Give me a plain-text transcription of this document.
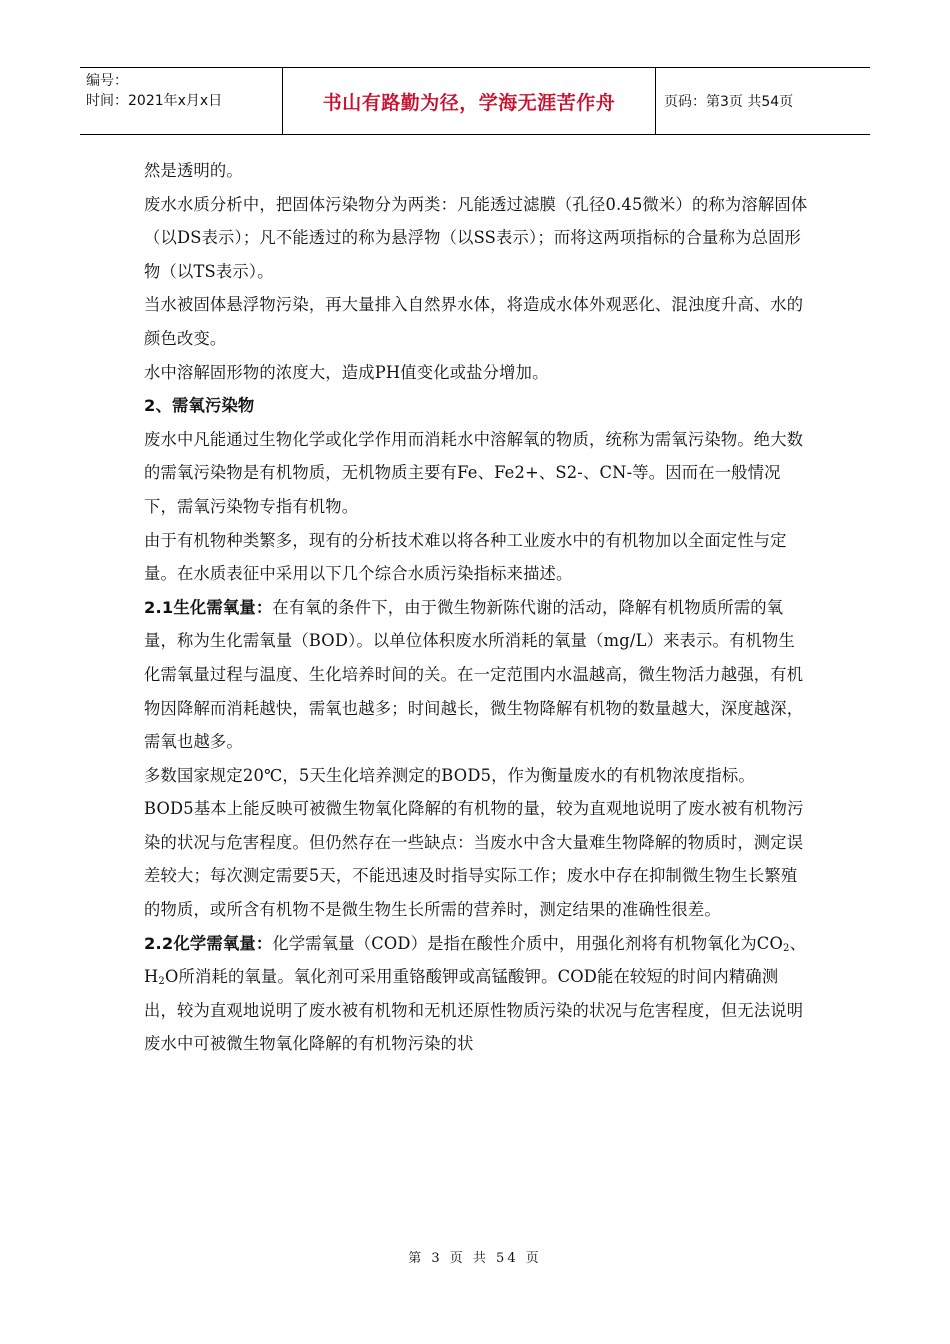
编号：
时间：2021年x月x日	书山有路勤为径，学海无涯苦作舟	页码：第3页 共54页

然是透明的。

废水水质分析中，把固体污染物分为两类：凡能透过滤膜（孔径0.45微米）的称为溶解固体（以DS表示）；凡不能透过的称为悬浮物（以SS表示）；而将这两项指标的合量称为总固形物（以TS表示）。

当水被固体悬浮物污染，再大量排入自然界水体，将造成水体外观恶化、混浊度升高、水的颜色改变。

水中溶解固形物的浓度大，造成PH值变化或盐分增加。

2、需氧污染物

废水中凡能通过生物化学或化学作用而消耗水中溶解氧的物质，统称为需氧污染物。绝大数的需氧污染物是有机物质，无机物质主要有Fe、Fe2+、S2-、CN-等。因而在一般情况下，需氧污染物专指有机物。

由于有机物种类繁多，现有的分析技术难以将各种工业废水中的有机物加以全面定性与定量。在水质表征中采用以下几个综合水质污染指标来描述。

2.1生化需氧量：在有氧的条件下，由于微生物新陈代谢的活动，降解有机物质所需的氧量，称为生化需氧量（BOD）。以单位体积废水所消耗的氧量（mg/L）来表示。有机物生化需氧量过程与温度、生化培养时间的关。在一定范围内水温越高，微生物活力越强，有机物因降解而消耗越快，需氧也越多；时间越长，微生物降解有机物的数量越大，深度越深，需氧也越多。

多数国家规定20℃，5天生化培养测定的BOD5，作为衡量废水的有机物浓度指标。

BOD5基本上能反映可被微生物氧化降解的有机物的量，较为直观地说明了废水被有机物污染的状况与危害程度。但仍然存在一些缺点：当废水中含大量难生物降解的物质时，测定误差较大；每次测定需要5天，不能迅速及时指导实际工作；废水中存在抑制微生物生长繁殖的物质，或所含有机物不是微生物生长所需的营养时，测定结果的准确性很差。

2.2化学需氧量：化学需氧量（COD）是指在酸性介质中，用强化剂将有机物氧化为$CO_2$、$H_2O$所消耗的氧量。氧化剂可采用重铬酸钾或高锰酸钾。COD能在较短的时间内精确测出，较为直观地说明了废水被有机物和无机还原性物质污染的状况与危害程度，但无法说明废水中可被微生物氧化降解的有机物污染的状

第 3 页 共 54 页
